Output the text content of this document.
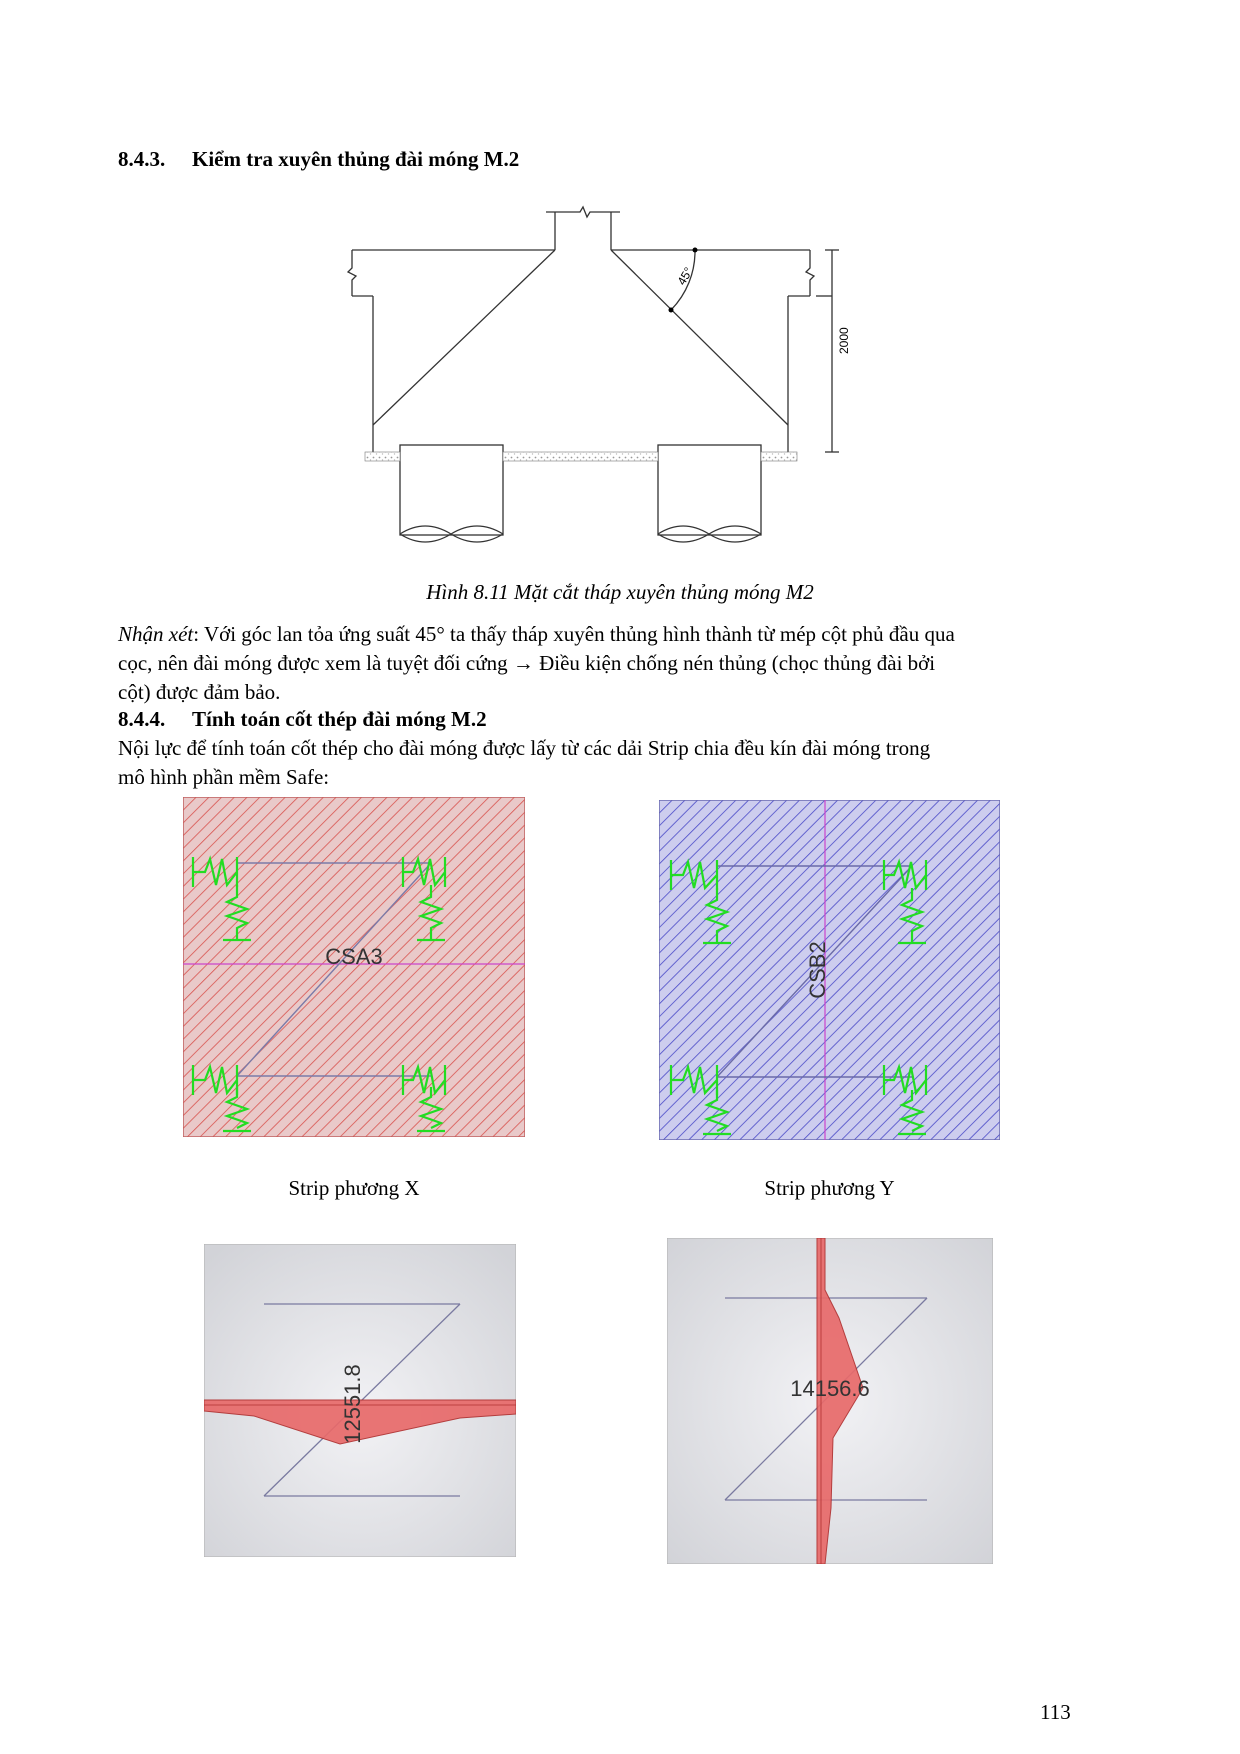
8.4.3. Kiểm tra xuyên thủng đài móng M.2
45°
2000
Hình 8.11 Mặt cắt tháp xuyên thủng móng M2
Nhận xét: Với góc lan tỏa ứng suất 45° ta thấy tháp xuyên thủng hình thành từ mép cột phủ đầu qua
cọc, nên đài móng được xem là tuyệt đối cứng → Điều kiện chống nén thủng (chọc thủng đài bởi
cột) được đảm bảo.
8.4.4. Tính toán cốt thép đài móng M.2
Nội lực để tính toán cốt thép cho đài móng được lấy từ các dải Strip chia đều kín đài móng trong
mô hình phần mềm Safe:
CSA3
Strip phương X
CSB2
Strip phương Y
12551.8	14156.6
113
